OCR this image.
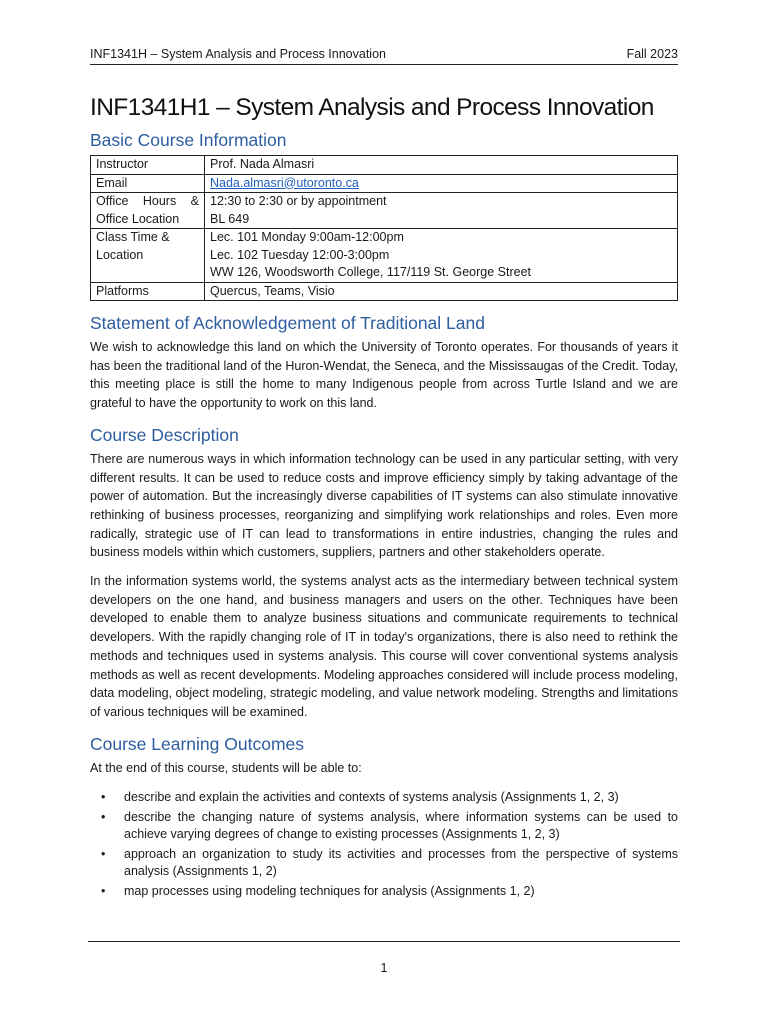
INF1341H – System Analysis and Process Innovation	Fall 2023
INF1341H1 – System Analysis and Process Innovation
Basic Course Information
Instructor	Prof. Nada Almasri

Email	Nada.almasri@utoronto.ca
Office Hours & Office Location	12:30 to 2:30 or by appointment
BL 649

Class Time & Location	Lec. 101 Monday 9:00am-12:00pm
Lec. 102 Tuesday 12:00-3:00pm
WW 126, Woodsworth College, 117/119 St. George Street

Platforms	Quercus, Teams, Visio
Statement of Acknowledgement of Traditional Land

We wish to acknowledge this land on which the University of Toronto operates. For thousands of years it has been the traditional land of the Huron-Wendat, the Seneca, and the Mississaugas of the Credit. Today, this meeting place is still the home to many Indigenous people from across Turtle Island and we are grateful to have the opportunity to work on this land.

Course Description

There are numerous ways in which information technology can be used in any particular setting, with very different results. It can be used to reduce costs and improve efficiency simply by taking advantage of the power of automation. But the increasingly diverse capabilities of IT systems can also stimulate innovative rethinking of business processes, reorganizing and simplifying work relationships and roles. Even more radically, strategic use of IT can lead to transformations in entire industries, changing the rules and business models within which customers, suppliers, partners and other stakeholders operate.

In the information systems world, the systems analyst acts as the intermediary between technical system developers on the one hand, and business managers and users on the other. Techniques have been developed to enable them to analyze business situations and communicate requirements to technical developers. With the rapidly changing role of IT in today's organizations, there is also need to rethink the methods and techniques used in systems analysis. This course will cover conventional systems analysis methods as well as recent developments. Modeling approaches considered will include process modeling, data modeling, object modeling, strategic modeling, and value network modeling. Strengths and limitations of various techniques will be examined.

Course Learning Outcomes

At the end of this course, students will be able to:

• describe and explain the activities and contexts of systems analysis (Assignments 1, 2, 3)
• describe the changing nature of systems analysis, where information systems can be used to achieve varying degrees of change to existing processes (Assignments 1, 2, 3)
• approach an organization to study its activities and processes from the perspective of systems analysis (Assignments 1, 2)
• map processes using modeling techniques for analysis (Assignments 1, 2)
1
